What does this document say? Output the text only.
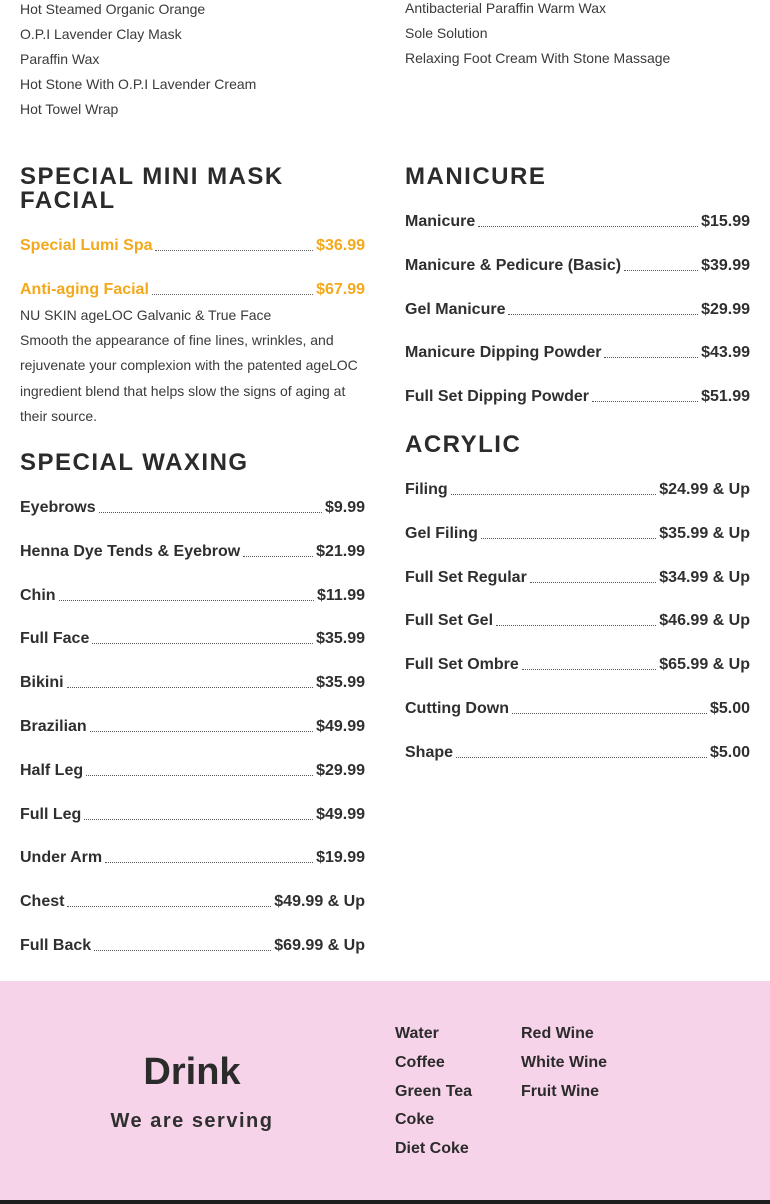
Hot Steamed Organic Orange
O.P.I Lavender Clay Mask
Paraffin Wax
Hot Stone With O.P.I Lavender Cream
Hot Towel Wrap
SPECIAL MINI MASK FACIAL
Special Lumi Spa	$36.99
Anti-aging Facial	$67.99
NU SKIN ageLOC Galvanic & True Face
Smooth the appearance of fine lines, wrinkles, and rejuvenate your complexion with the patented ageLOC ingredient blend that helps slow the signs of aging at their source.
SPECIAL WAXING
Eyebrows	$9.99
Henna Dye Tends & Eyebrow	$21.99
Chin	$11.99
Full Face	$35.99
Bikini	$35.99
Brazilian	$49.99
Half Leg	$29.99
Full Leg	$49.99
Under Arm	$19.99
Chest	$49.99 & Up
Full Back	$69.99 & Up
Antibacterial Paraffin Warm Wax
Sole Solution
Relaxing Foot Cream With Stone Massage
MANICURE
Manicure	$15.99
Manicure & Pedicure (Basic)	$39.99
Gel Manicure	$29.99
Manicure Dipping Powder	$43.99
Full Set Dipping Powder	$51.99
ACRYLIC
Filing	$24.99 & Up
Gel Filing	$35.99 & Up
Full Set Regular	$34.99 & Up
Full Set Gel	$46.99 & Up
Full Set Ombre	$65.99 & Up
Cutting Down	$5.00
Shape	$5.00
Drink
We are serving
Water
Coffee
Green Tea
Coke
Diet Coke
Red Wine
White Wine
Fruit Wine
